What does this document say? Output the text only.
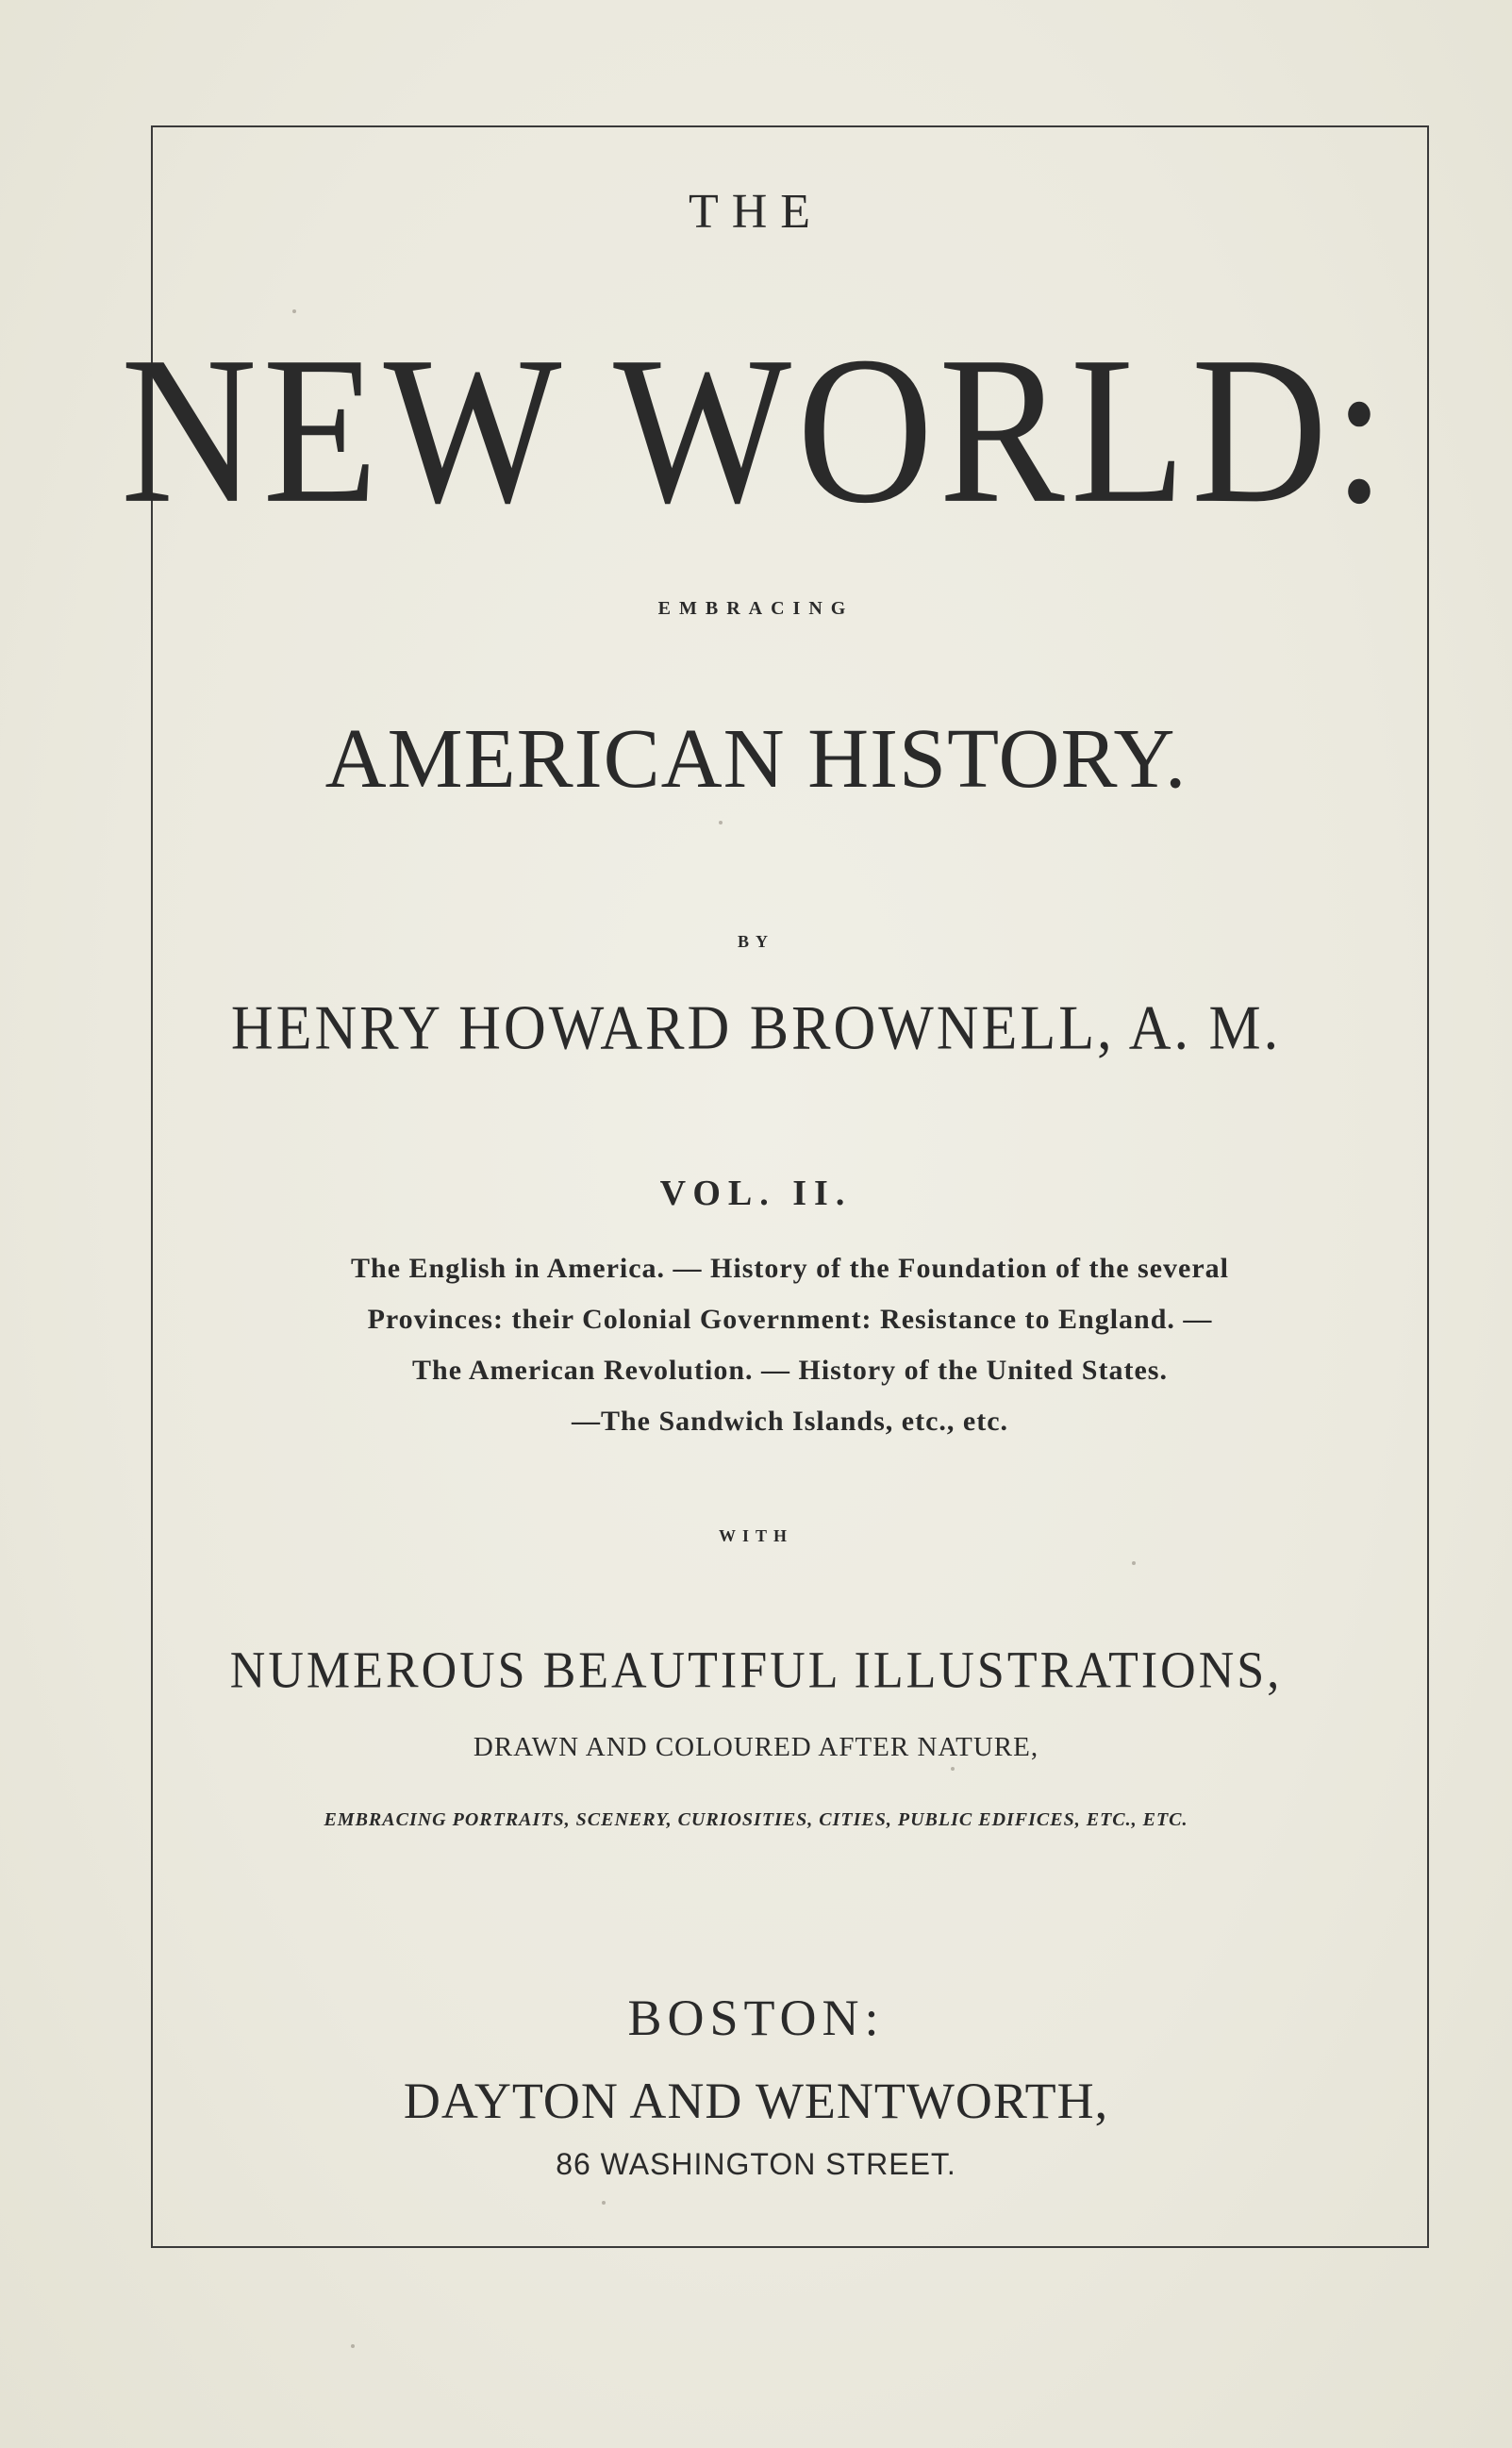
THE
NEW WORLD:
EMBRACING
AMERICAN HISTORY.
BY
HENRY HOWARD BROWNELL, A. M.
VOL. II.

The English in America. — History of the Foundation of the several

Provinces: their Colonial Government: Resistance to England. —

The American Revolution. — History of the United States.

—The Sandwich Islands, etc., etc.

WITH
NUMEROUS BEAUTIFUL ILLUSTRATIONS,
DRAWN AND COLOURED AFTER NATURE,
EMBRACING PORTRAITS, SCENERY, CURIOSITIES, CITIES, PUBLIC EDIFICES, ETC., ETC.
BOSTON:
DAYTON AND WENTWORTH,
86 WASHINGTON STREET.
